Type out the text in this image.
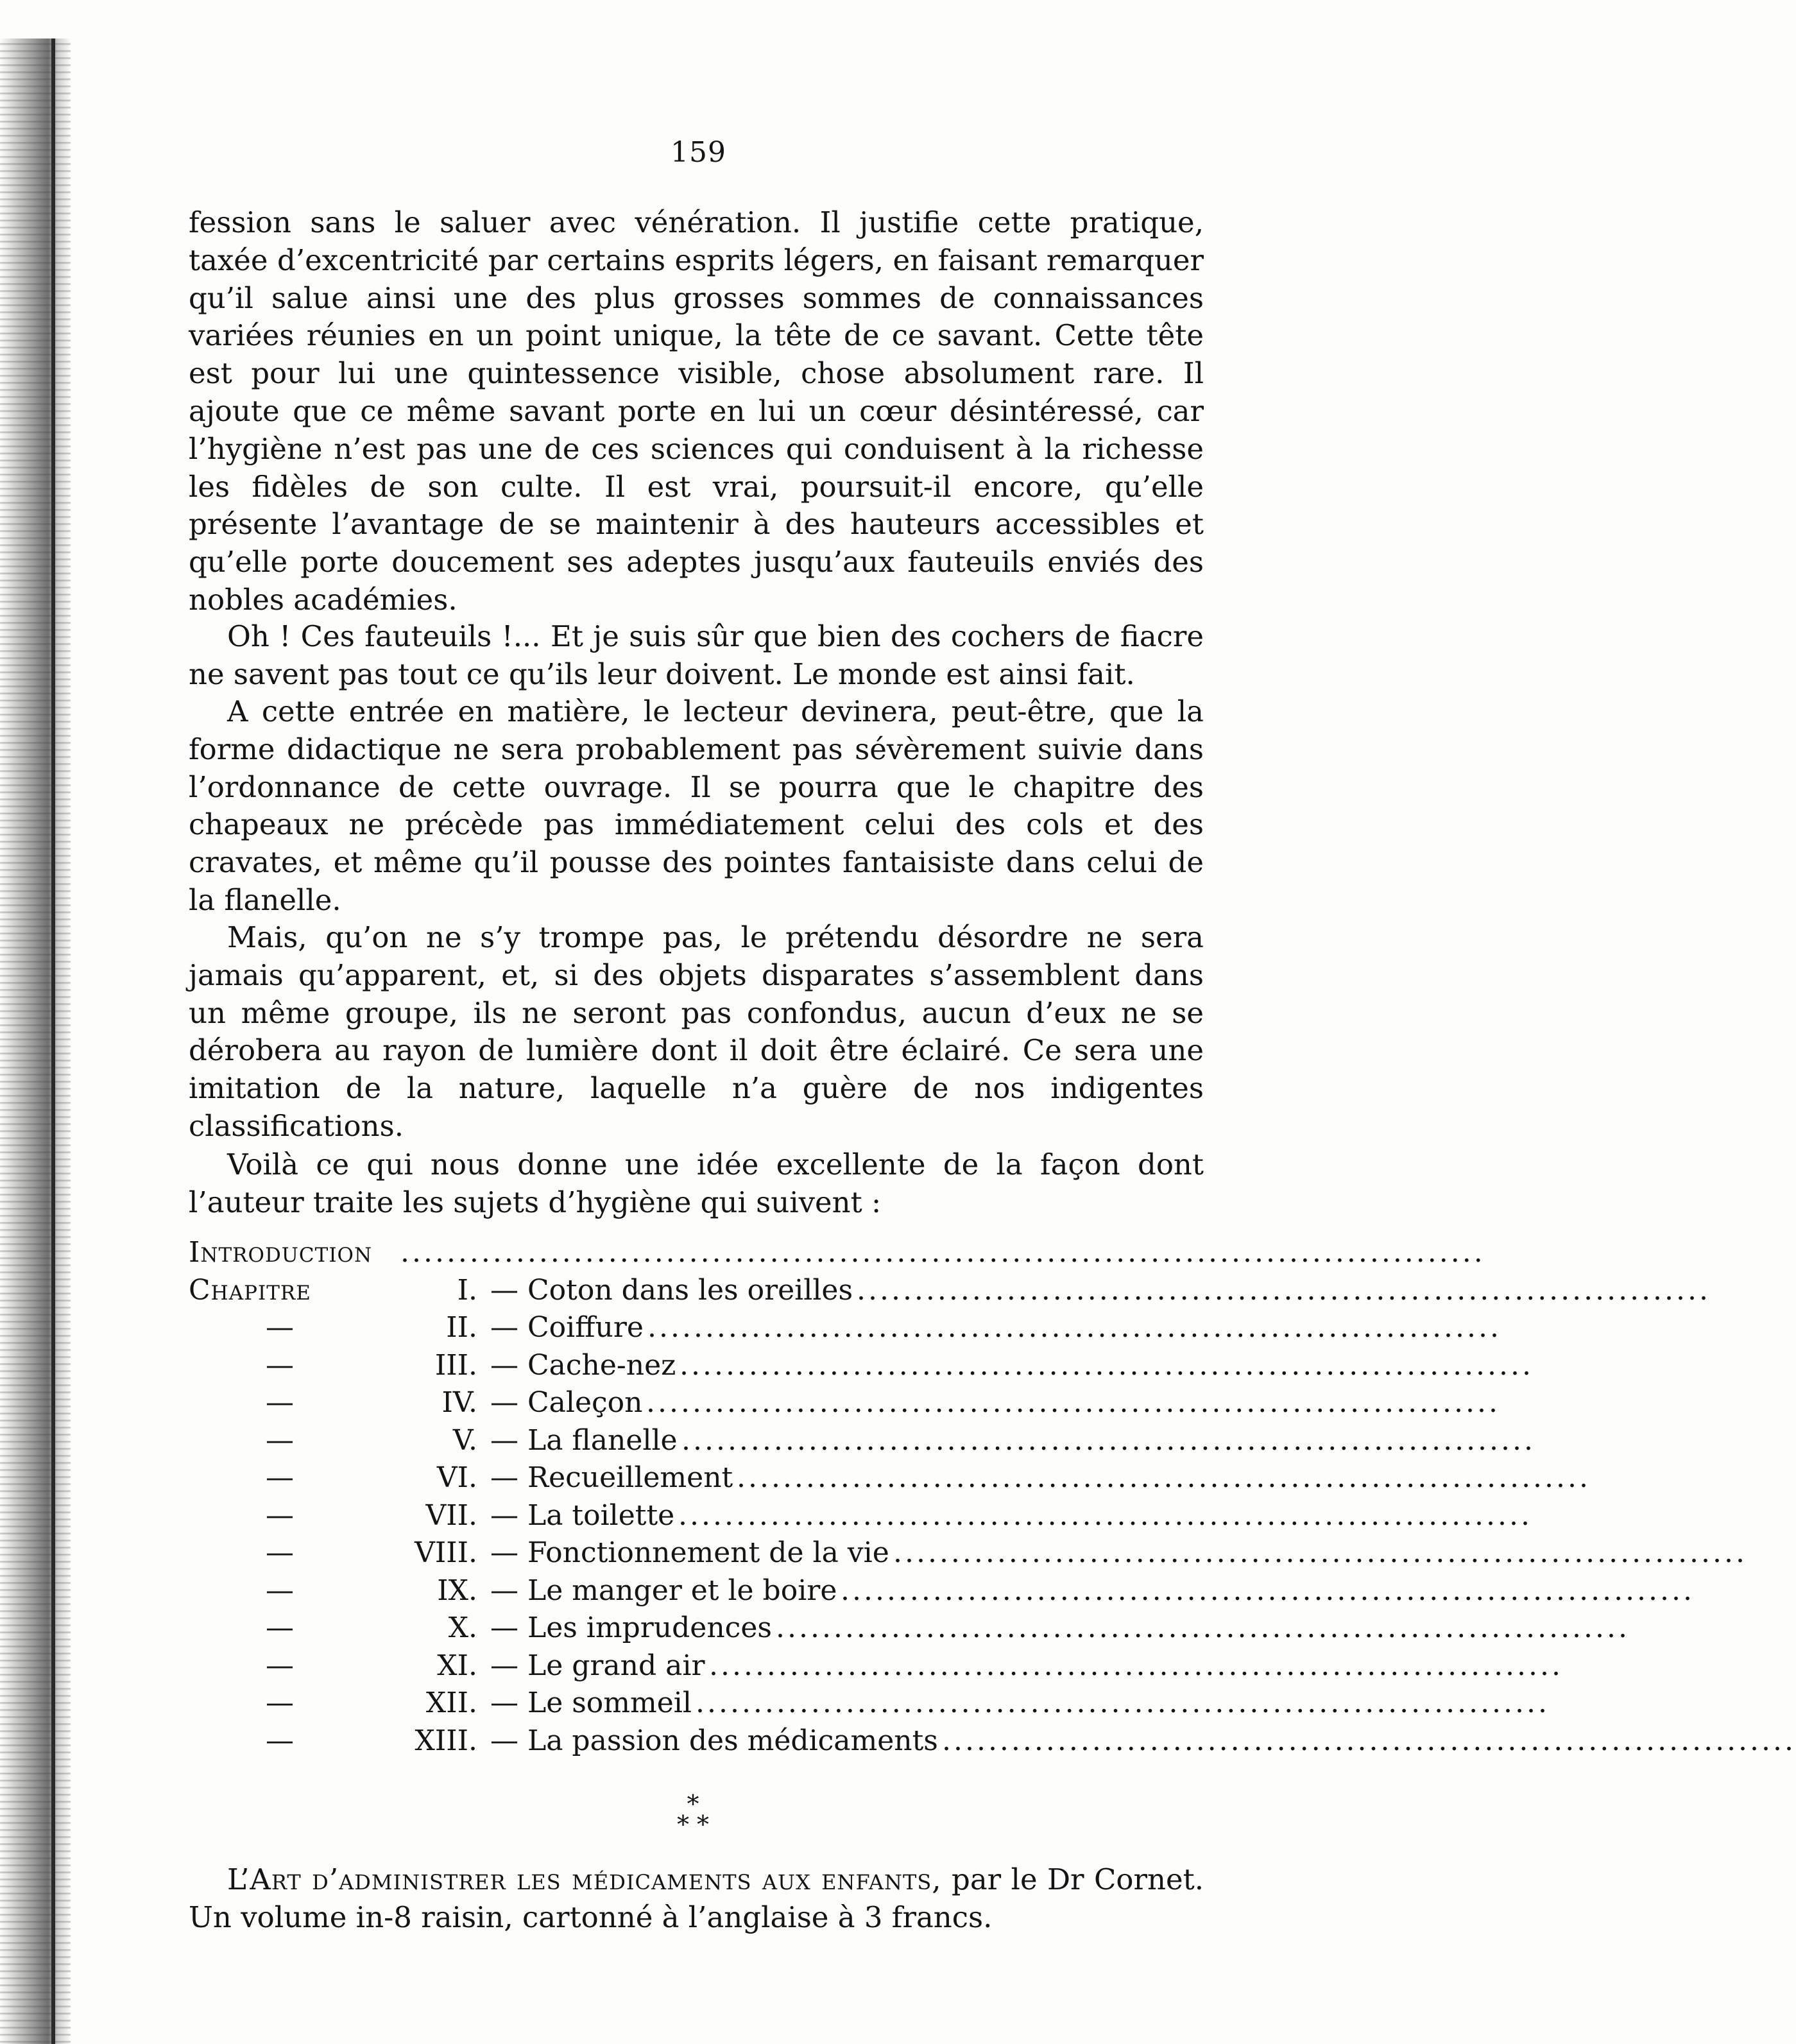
159

fession sans le saluer avec vénération. Il justifie cette pratique, taxée d’excentricité par certains esprits légers, en faisant remarquer qu’il salue ainsi une des plus grosses sommes de connaissances variées réunies en un point unique, la tête de ce savant. Cette tête est pour lui une quintessence visible, chose absolument rare. Il ajoute que ce même savant porte en lui un cœur désintéressé, car l’hygiène n’est pas une de ces sciences qui conduisent à la richesse les fidèles de son culte. Il est vrai, poursuit-il encore, qu’elle présente l’avantage de se maintenir à des hauteurs accessibles et qu’elle porte doucement ses adeptes jusqu’aux fauteuils enviés des nobles académies.

Oh ! Ces fauteuils !... Et je suis sûr que bien des cochers de fiacre ne savent pas tout ce qu’ils leur doivent. Le monde est ainsi fait.

A cette entrée en matière, le lecteur devinera, peut-être, que la forme didactique ne sera probablement pas sévèrement suivie dans l’ordonnance de cette ouvrage. Il se pourra que le chapitre des chapeaux ne précède pas immédiatement celui des cols et des cravates, et même qu’il pousse des pointes fantaisiste dans celui de la flanelle.

Mais, qu’on ne s’y trompe pas, le prétendu désordre ne sera jamais qu’apparent, et, si des objets disparates s’assemblent dans un même groupe, ils ne seront pas confondus, aucun d’eux ne se dérobera au rayon de lumière dont il doit être éclairé. Ce sera une imitation de la nature, laquelle n’a guère de nos indigentes classifications.

Voilà ce qui nous donne une idée excellente de la façon dont l’auteur traite les sujets d’hygiène qui suivent :

Introduction ..............................................................................................
Chapitre	I. — Coton dans les oreilles ..........................................................................
—	II. — Coiffure ..........................................................................
—	III. — Cache-nez ..........................................................................
—	IV. — Caleçon ..........................................................................
—	V. — La flanelle ..........................................................................
—	VI. — Recueillement ..........................................................................
—	VII. — La toilette ..........................................................................
—	VIII. — Fonctionnement de la vie ..........................................................................
—	IX. — Le manger et le boire ..........................................................................
—	X. — Les imprudences ..........................................................................
—	XI. — Le grand air ..........................................................................
—	XII. — Le sommeil ..........................................................................
—	XIII. — La passion des médicaments ..........................................................................
*
* *

L’Art d’administrer les médicaments aux enfants, par le Dr Cornet. Un volume in-8 raisin, cartonné à l’anglaise à 3 francs.
